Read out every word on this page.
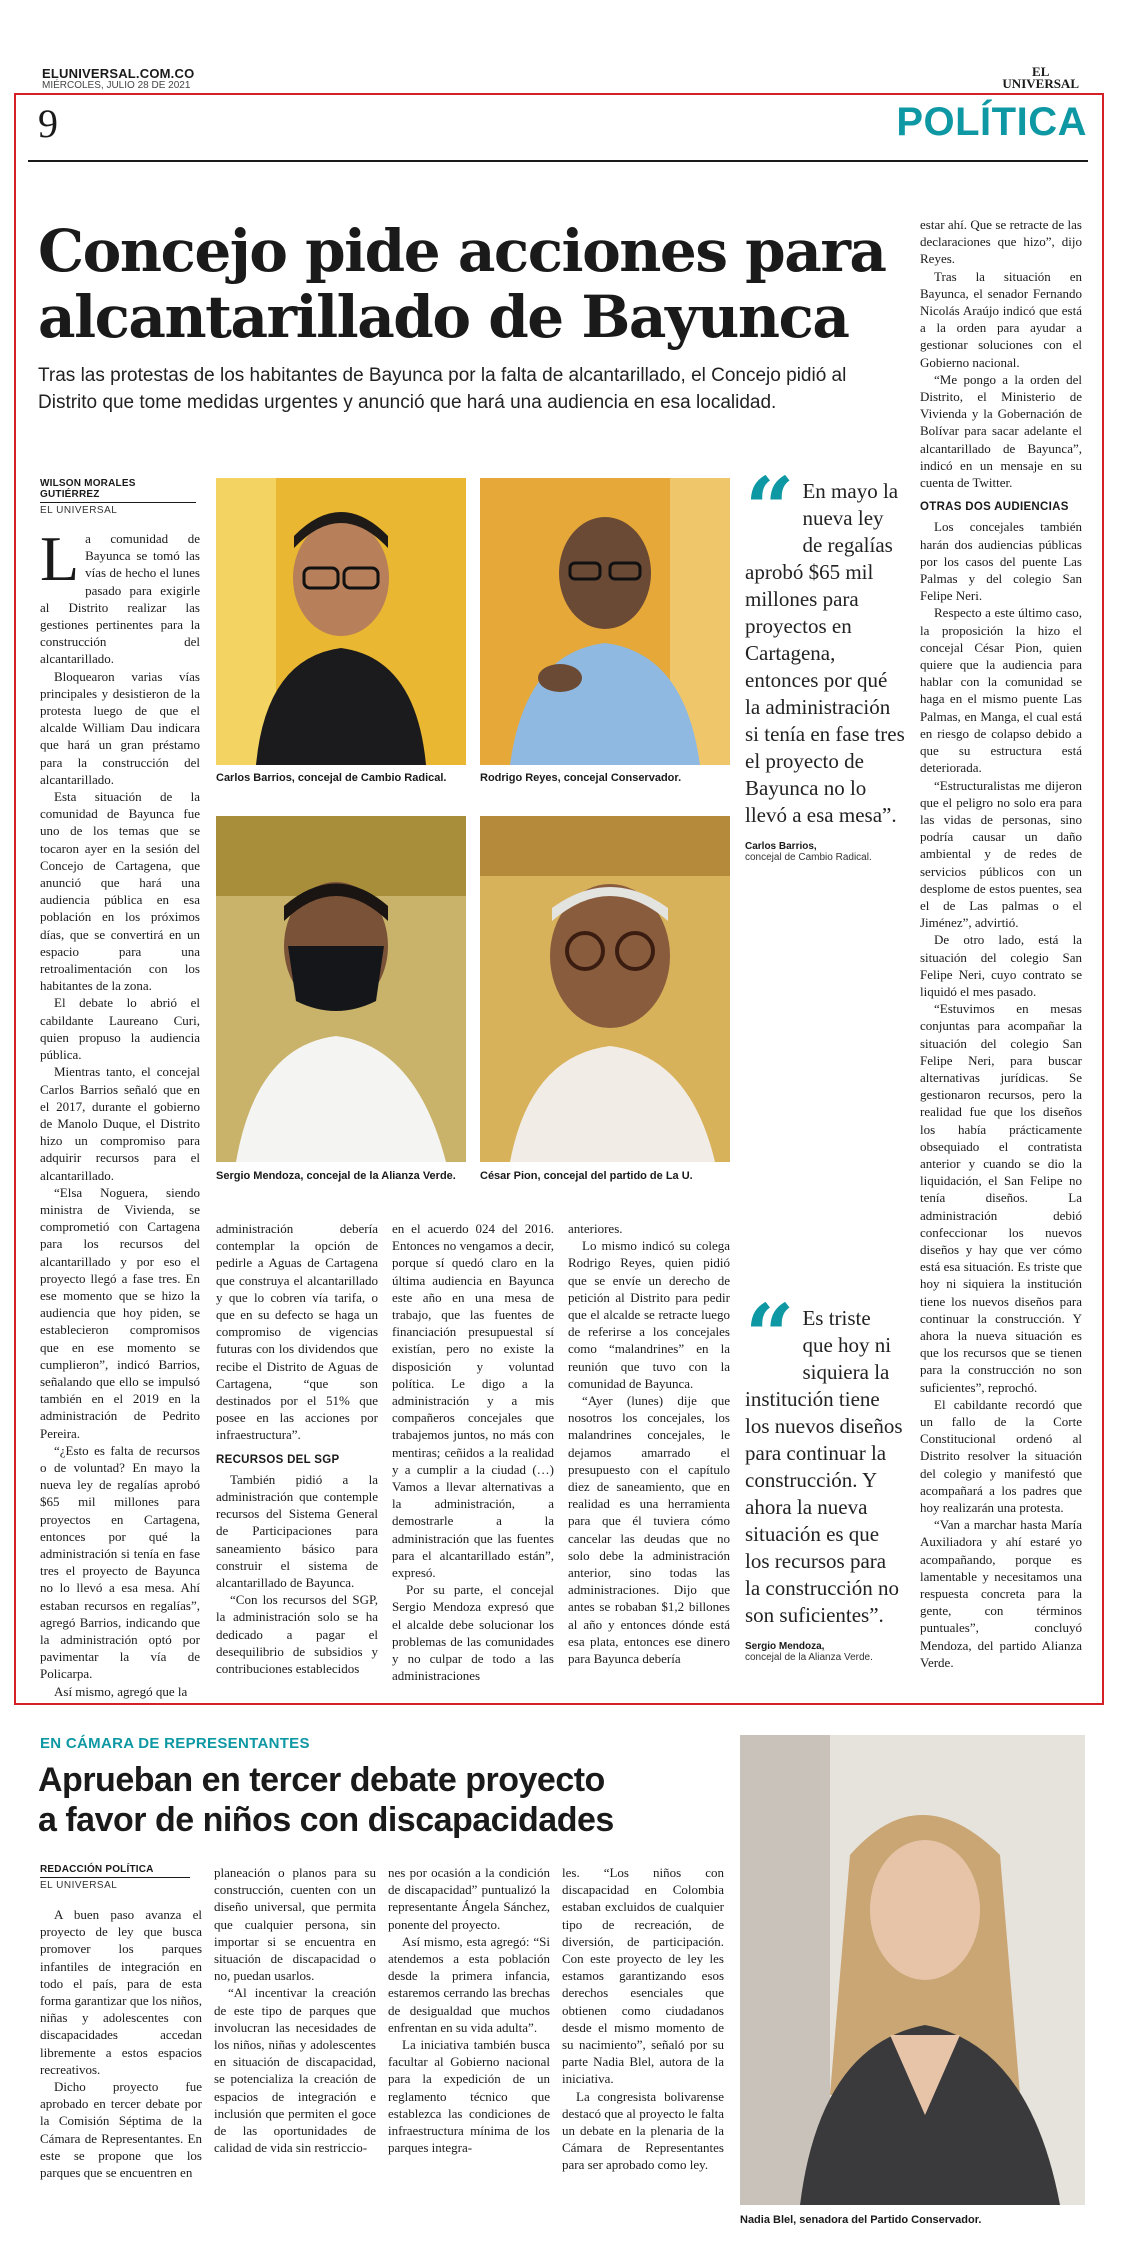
ELUNIVERSAL.COM.CO
MIÉRCOLES, JULIO 28 DE 2021
EL
UNIVERSAL
9	POLÍTICA
Concejo pide acciones para
alcantarillado de Bayunca
Tras las protestas de los habitantes de Bayunca por la falta de alcantarillado, el Concejo pidió al Distrito que tome medidas urgentes y anunció que hará una audiencia en esa localidad.
WILSON MORALES GUTIÉRREZ
EL UNIVERSAL
L a comunidad de Bayunca se tomó las vías de hecho el lunes pasado para exigirle al Distrito realizar las gestiones pertinentes para la construcción del alcantarillado.

Bloquearon varias vías principales y desistieron de la protesta luego de que el alcalde William Dau indicara que hará un gran préstamo para la construcción del alcantarillado.

Esta situación de la comunidad de Bayunca fue uno de los temas que se tocaron ayer en la sesión del Concejo de Cartagena, que anunció que hará una audiencia pública en esa población en los próximos días, que se convertirá en un espacio para una retroalimentación con los habitantes de la zona.

El debate lo abrió el cabildante Laureano Curi, quien propuso la audiencia pública.

Mientras tanto, el concejal Carlos Barrios señaló que en el 2017, durante el gobierno de Manolo Duque, el Distrito hizo un compromiso para adquirir recursos para el alcantarillado.

“Elsa Noguera, siendo ministra de Vivienda, se comprometió con Cartagena para los recursos del alcantarillado y por eso el proyecto llegó a fase tres. En ese momento que se hizo la audiencia que hoy piden, se establecieron compromisos que en ese momento se cumplieron”, indicó Barrios, señalando que ello se impulsó también en el 2019 en la administración de Pedrito Pereira.

“¿Esto es falta de recursos o de voluntad? En mayo la nueva ley de regalías aprobó $65 mil millones para proyectos en Cartagena, entonces por qué la administración si tenía en fase tres el proyecto de Bayunca no lo llevó a esa mesa. Ahí estaban recursos en regalías”, agregó Barrios, indicando que la administración optó por pavimentar la vía de Policarpa.

Así mismo, agregó que la

Carlos Barrios, concejal de Cambio Radical.	Rodrigo Reyes, concejal Conservador.
Sergio Mendoza, concejal de la Alianza Verde. César Pion, concejal del partido de La U.
“ En mayo la nueva ley de regalías aprobó $65 mil millones para proyectos en Cartagena, entonces por qué la administración si tenía en fase tres el proyecto de Bayunca no lo llevó a esa mesa”.
Carlos Barrios,
concejal de Cambio Radical.

administración debería contemplar la opción de pedirle a Aguas de Cartagena que construya el alcantarillado y que lo cobren vía tarifa, o que en su defecto se haga un compromiso de vigencias futuras con los dividendos que recibe el Distrito de Aguas de Cartagena, “que son destinados por el 51% que posee en las acciones por infraestructura”.

RECURSOS DEL SGP

También pidió a la administración que contemple recursos del Sistema General de Participaciones para saneamiento básico para construir el sistema de alcantarillado de Bayunca.

“Con los recursos del SGP, la administración solo se ha dedicado a pagar el desequilibrio de subsidios y contribuciones establecidos

en el acuerdo 024 del 2016. Entonces no vengamos a decir, porque sí quedó claro en la última audiencia en Bayunca este año en una mesa de trabajo, que las fuentes de financiación presupuestal sí existían, pero no existe la disposición y voluntad política. Le digo a la administración y a mis compañeros concejales que trabajemos juntos, no más con mentiras; ceñidos a la realidad y a cumplir a la ciudad (…) Vamos a llevar alternativas a la administración, a demostrarle a la administración que las fuentes para el alcantarillado están”, expresó.

Por su parte, el concejal Sergio Mendoza expresó que el alcalde debe solucionar los problemas de las comunidades y no culpar de todo a las administraciones

anteriores.

Lo mismo indicó su colega Rodrigo Reyes, quien pidió que se envíe un derecho de petición al Distrito para pedir que el alcalde se retracte luego de referirse a los concejales como “malandrines” en la reunión que tuvo con la comunidad de Bayunca.

“Ayer (lunes) dije que nosotros los concejales, los malandrines concejales, le dejamos amarrado el presupuesto con el capítulo diez de saneamiento, que en realidad es una herramienta para que él tuviera cómo cancelar las deudas que no solo debe la administración anterior, sino todas las administraciones. Dijo que antes se robaban $1,2 billones al año y entonces dónde está esa plata, entonces ese dinero para Bayunca debería

“ Es triste que hoy ni siquiera la institución tiene los nuevos diseños para continuar la construcción. Y ahora la nueva situación es que los recursos para la construcción no son suficientes”.
Sergio Mendoza,
concejal de la Alianza Verde.

estar ahí. Que se retracte de las declaraciones que hizo”, dijo Reyes.

Tras la situación en Bayunca, el senador Fernando Nicolás Araújo indicó que está a la orden para ayudar a gestionar soluciones con el Gobierno nacional.

“Me pongo a la orden del Distrito, el Ministerio de Vivienda y la Gobernación de Bolívar para sacar adelante el alcantarillado de Bayunca”, indicó en un mensaje en su cuenta de Twitter.

OTRAS DOS AUDIENCIAS

Los concejales también harán dos audiencias públicas por los casos del puente Las Palmas y del colegio San Felipe Neri.

Respecto a este último caso, la proposición la hizo el concejal César Pion, quien quiere que la audiencia para hablar con la comunidad se haga en el mismo puente Las Palmas, en Manga, el cual está en riesgo de colapso debido a que su estructura está deteriorada.

“Estructuralistas me dijeron que el peligro no solo era para las vidas de personas, sino podría causar un daño ambiental y de redes de servicios públicos con un desplome de estos puentes, sea el de Las palmas o el Jiménez”, advirtió.

De otro lado, está la situación del colegio San Felipe Neri, cuyo contrato se liquidó el mes pasado.

“Estuvimos en mesas conjuntas para acompañar la situación del colegio San Felipe Neri, para buscar alternativas jurídicas. Se gestionaron recursos, pero la realidad fue que los diseños los había prácticamente obsequiado el contratista anterior y cuando se dio la liquidación, el San Felipe no tenía diseños. La administración debió confeccionar los nuevos diseños y hay que ver cómo está esa situación. Es triste que hoy ni siquiera la institución tiene los nuevos diseños para continuar la construcción. Y ahora la nueva situación es que los recursos que se tienen para la construcción no son suficientes”, reprochó.

El cabildante recordó que un fallo de la Corte Constitucional ordenó al Distrito resolver la situación del colegio y manifestó que acompañará a los padres que hoy realizarán una protesta.

“Van a marchar hasta María Auxiliadora y ahí estaré yo acompañando, porque es lamentable y necesitamos una respuesta concreta para la gente, con términos puntuales”, concluyó Mendoza, del partido Alianza Verde.

EN CÁMARA DE REPRESENTANTES
Aprueban en tercer debate proyecto
a favor de niños con discapacidades
REDACCIÓN POLÍTICA
EL UNIVERSAL

A buen paso avanza el proyecto de ley que busca promover los parques infantiles de integración en todo el país, para de esta forma garantizar que los niños, niñas y adolescentes con discapacidades accedan libremente a estos espacios recreativos.

Dicho proyecto fue aprobado en tercer debate por la Comisión Séptima de la Cámara de Representantes. En este se propone que los parques que se encuentren en

planeación o planos para su construcción, cuenten con un diseño universal, que permita que cualquier persona, sin importar si se encuentra en situación de discapacidad o no, puedan usarlos.

“Al incentivar la creación de este tipo de parques que involucran las necesidades de los niños, niñas y adolescentes en situación de discapacidad, se potencializa la creación de espacios de integración e inclusión que permiten el goce de las oportunidades de calidad de vida sin restriccio-

nes por ocasión a la condición de discapacidad” puntualizó la representante Ángela Sánchez, ponente del proyecto.

Así mismo, esta agregó: “Si atendemos a esta población desde la primera infancia, estaremos cerrando las brechas de desigualdad que muchos enfrentan en su vida adulta”.

La iniciativa también busca facultar al Gobierno nacional para la expedición de un reglamento técnico que establezca las condiciones de infraestructura mínima de los parques integra-

les. “Los niños con discapacidad en Colombia estaban excluidos de cualquier tipo de recreación, de diversión, de participación. Con este proyecto de ley les estamos garantizando esos derechos esenciales que obtienen como ciudadanos desde el mismo momento de su nacimiento”, señaló por su parte Nadia Blel, autora de la iniciativa.

La congresista bolivarense destacó que al proyecto le falta un debate en la plenaria de la Cámara de Representantes para ser aprobado como ley.

Nadia Blel, senadora del Partido Conservador.
